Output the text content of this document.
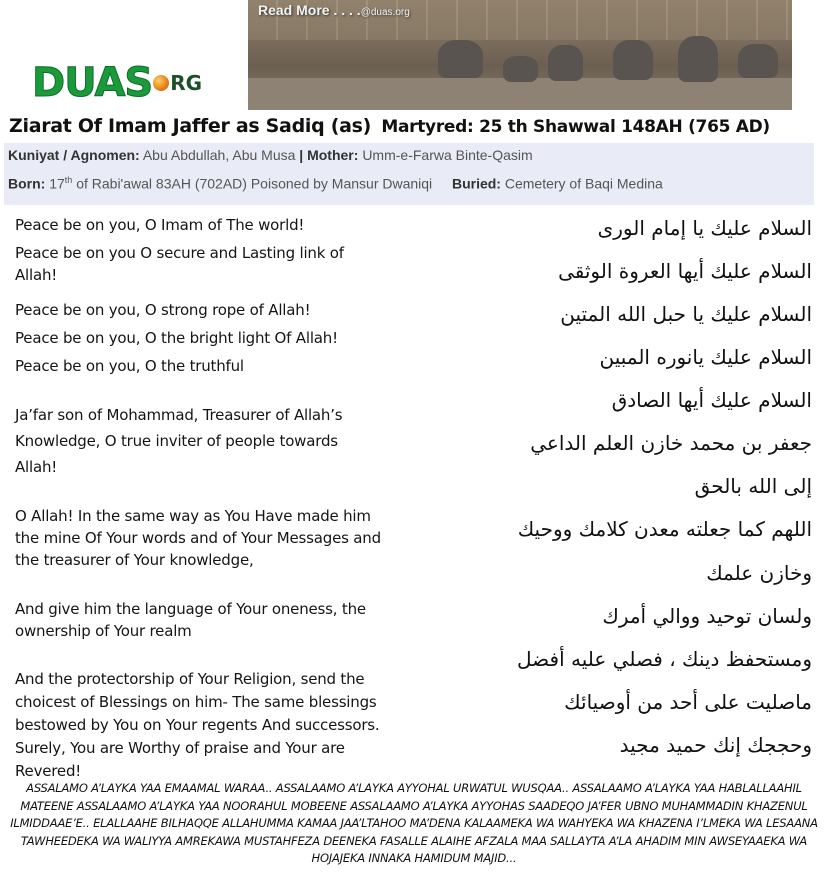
DUAS RG
Read More . . . .@duas.org
Ziarat Of Imam Jaffer as Sadiq (as) Martyred: 25 th Shawwal 148AH (765 AD)
Kuniyat / Agnomen: Abu Abdullah, Abu Musa | Mother: Umm-e-Farwa Binte-Qasim
Born: 17th of Rabi'awal 83AH (702AD) Poisoned by Mansur Dwaniqi Buried: Cemetery of Baqi Medina
Peace be on you, O Imam of The world!
Peace be on you O secure and Lasting link of Allah!
Peace be on you, O strong rope of Allah!
Peace be on you, O the bright light Of Allah!
Peace be on you, O the truthful
Ja’far son of Mohammad, Treasurer of Allah’s Knowledge, O true inviter of people towards Allah!
O Allah! In the same way as You Have made him the mine Of Your words and of Your Messages and the treasurer of Your knowledge,
And give him the language of Your oneness, the ownership of Your realm
And the protectorship of Your Religion, send the choicest of Blessings on him- The same blessings bestowed by You on Your regents And successors. Surely, You are Worthy of praise and Your are Revered!
السلام عليك يا إمام الورى
السلام عليك أيها العروة الوثقى
السلام عليك يا حبل الله المتين
السلام عليك يانوره المبين
السلام عليك أيها الصادق
جعفر بن محمد خازن العلم الداعي
إلى الله بالحق
اللهم كما جعلته معدن كلامك ووحيك
وخازن علمك
ولسان توحيد ووالي أمرك
ومستحفظ دينك ، فصلي عليه أفضل
ماصليت على أحد من أوصيائك
وحججك إنك حميد مجيد
ASSALAMO A’LAYKA YAA EMAAMAL WARAA.. ASSALAAMO A’LAYKA AYYOHAL URWATUL WUSQAA.. ASSALAAMO A’LAYKA YAA HABLALLAAHIL MATEENE ASSALAAMO A’LAYKA YAA NOORAHUL MOBEENE ASSALAAMO A’LAYKA AYYOHAS SAADEQO JA’FER UBNO MUHAMMADIN KHAZENUL ILMIDDAAE’E.. ELALLAAHE BILHAQQE ALLAHUMMA KAMAA JAA’LTAHOO MA’DENA KALAAMEKA WA WAHYEKA WA KHAZENA I’LMEKA WA LESAANA TAWHEEDEKA WA WALIYYA AMREKAWA MUSTAHFEZA DEENEKA FASALLE ALAIHE AFZALA MAA SALLAYTA A’LA AHADIM MIN AWSEYAAEKA WA HOJAJEKA INNAKA HAMIDUM MAJID...
